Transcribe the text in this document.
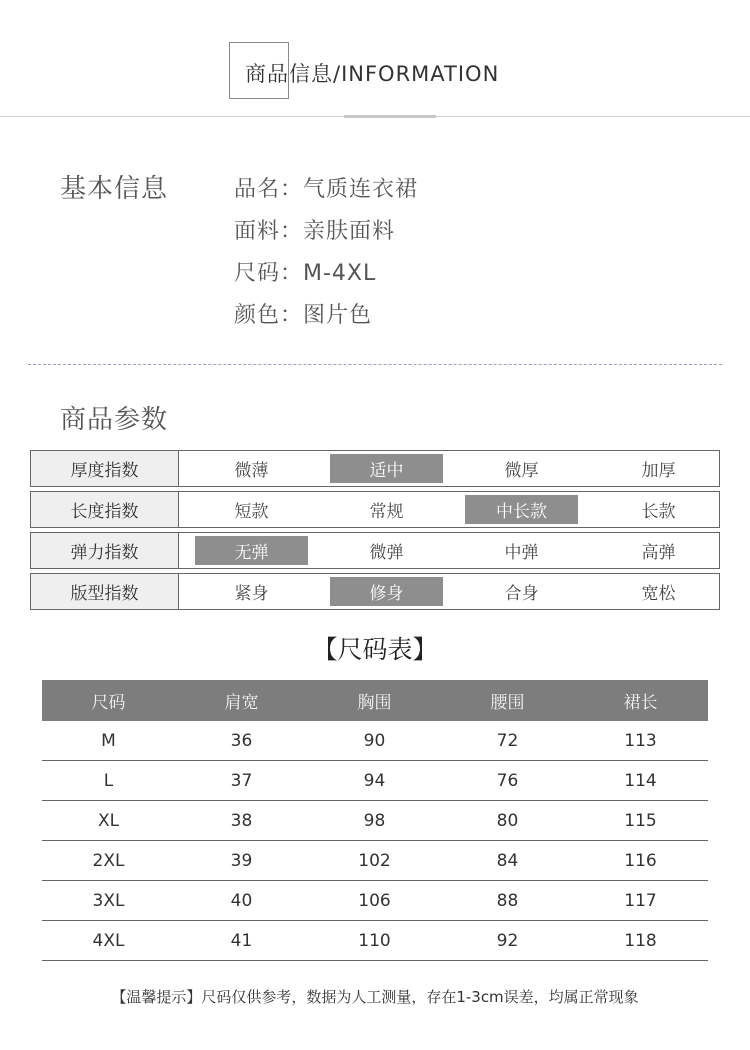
商品信息/INFORMATION
基本信息	品名：气质连衣裙
面料：亲肤面料
尺码：M-4XL
颜色：图片色
商品参数
厚度指数	微薄	适中	微厚	加厚
长度指数	短款	常规	中长款	长款
弹力指数	无弹	微弹	中弹	高弹
版型指数	紧身	修身	合身	宽松
【尺码表】
尺码	肩宽	胸围	腰围	裙长
M	36	90	72	113
L	37	94	76	114
XL	38	98	80	115
2XL	39	102	84	116
3XL	40	106	88	117
4XL	41	110	92	118
【温馨提示】尺码仅供参考，数据为人工测量，存在1-3cm误差，均属正常现象
